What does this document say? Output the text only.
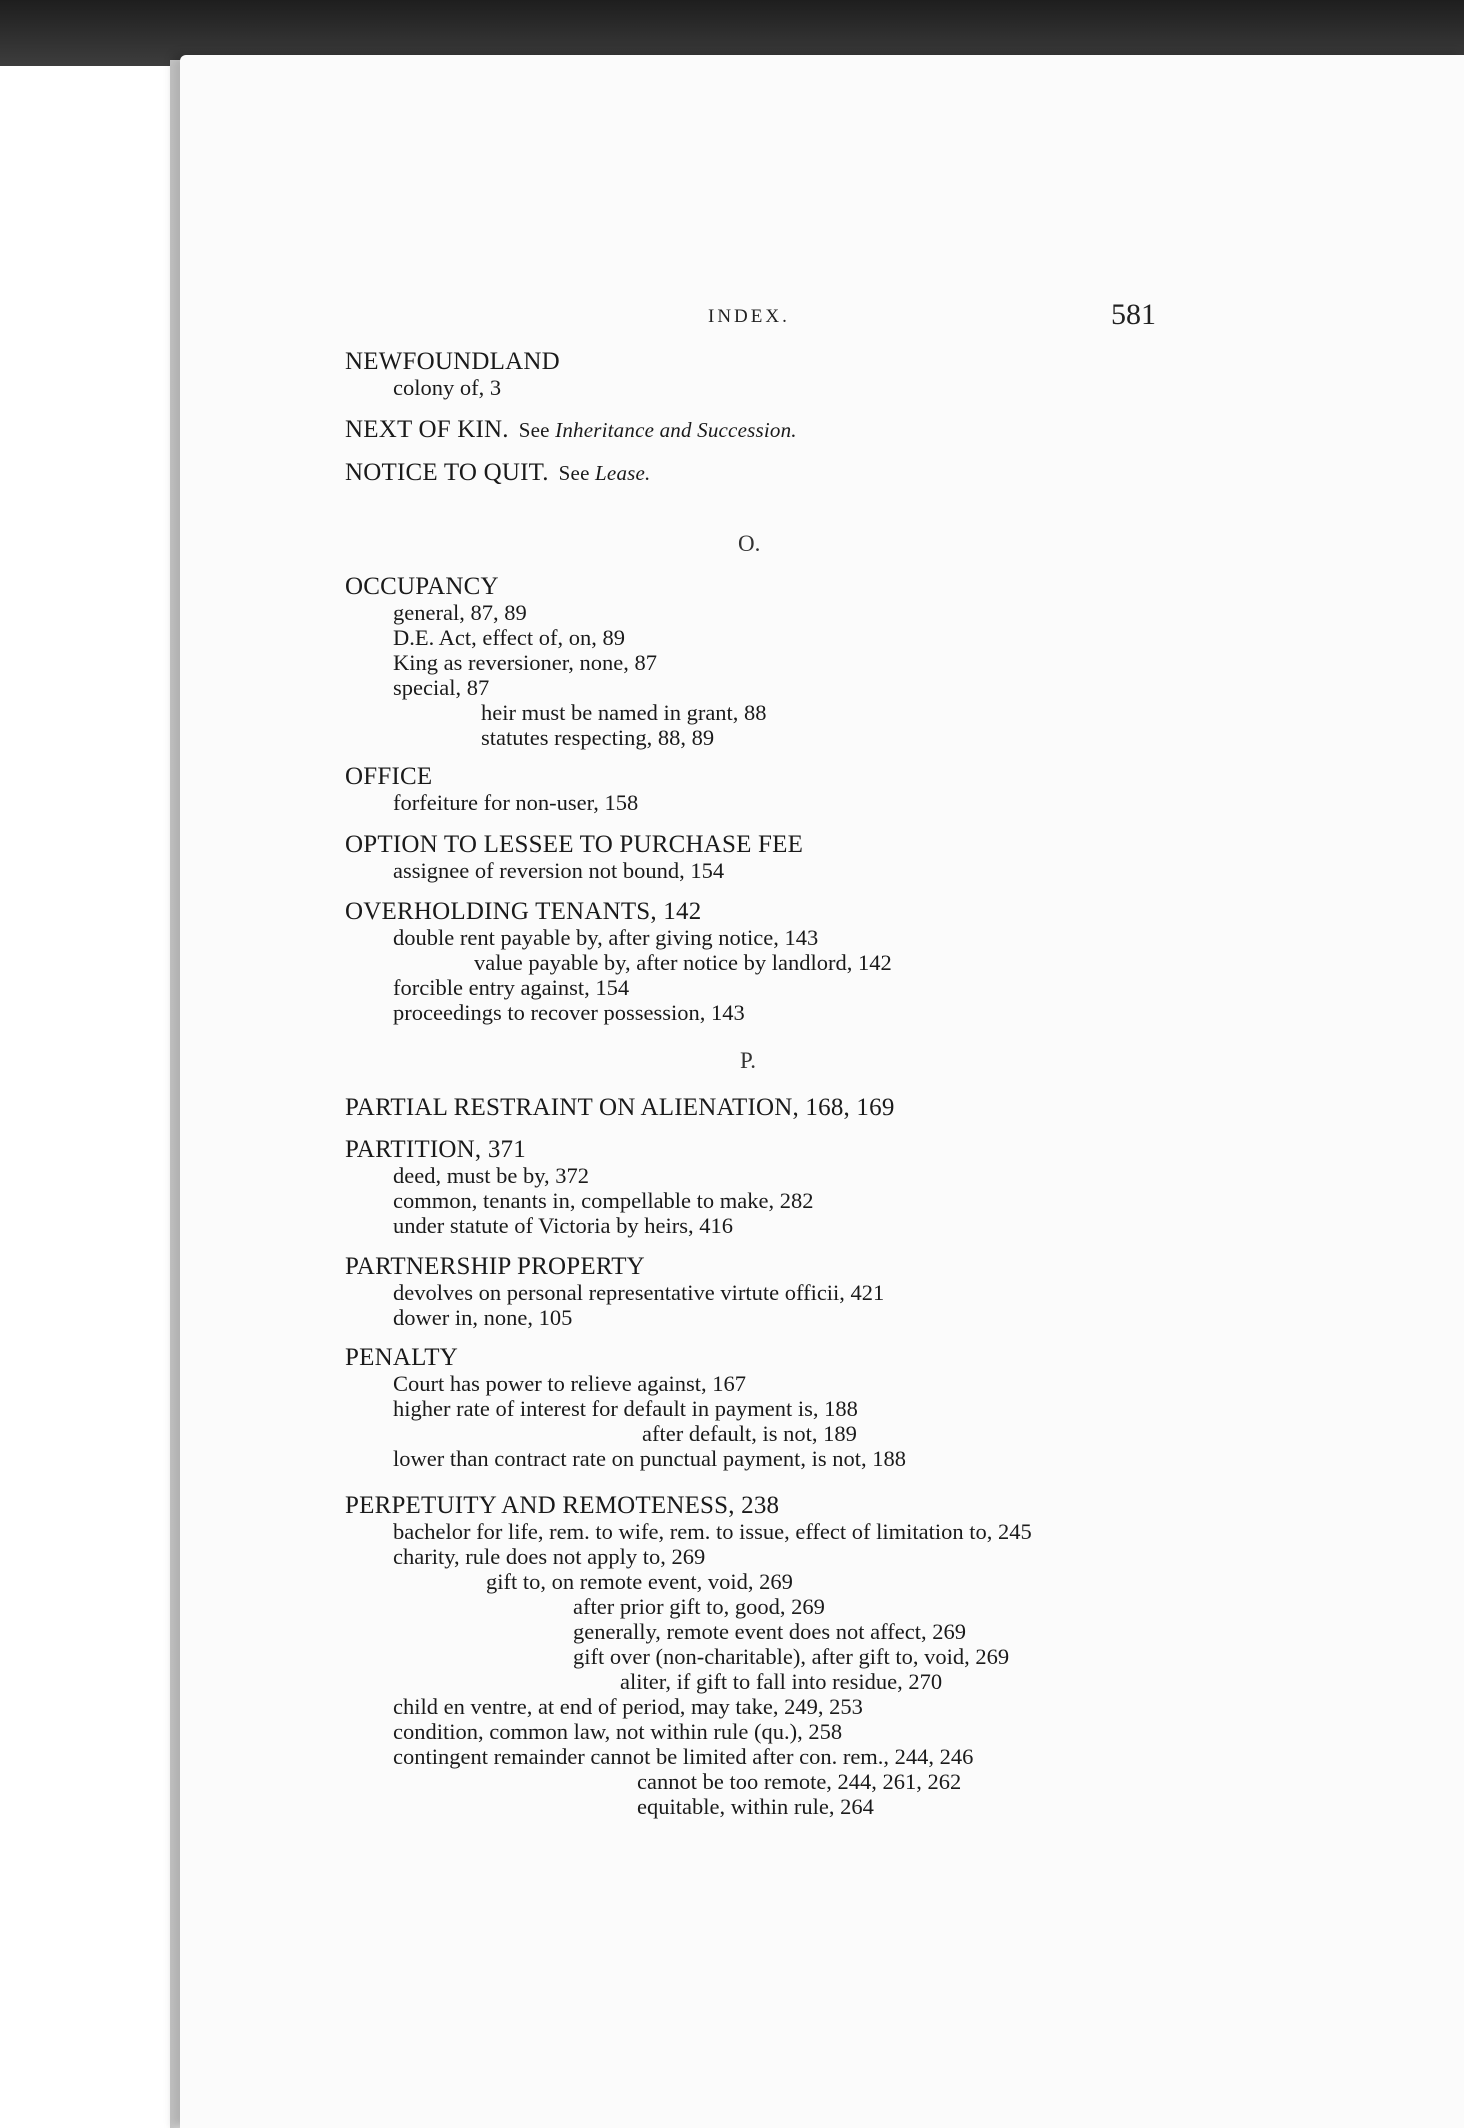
INDEX.	581
NEWFOUNDLAND
colony of, 3
NEXT OF KIN. See Inheritance and Succession.
NOTICE TO QUIT. See Lease.
O.
OCCUPANCY
general, 87, 89
D.E. Act, effect of, on, 89
King as reversioner, none, 87
special, 87
heir must be named in grant, 88
statutes respecting, 88, 89
OFFICE
forfeiture for non-user, 158
OPTION TO LESSEE TO PURCHASE FEE
assignee of reversion not bound, 154
OVERHOLDING TENANTS, 142
double rent payable by, after giving notice, 143
value payable by, after notice by landlord, 142
forcible entry against, 154
proceedings to recover possession, 143
P.
PARTIAL RESTRAINT ON ALIENATION, 168, 169
PARTITION, 371
deed, must be by, 372
common, tenants in, compellable to make, 282
under statute of Victoria by heirs, 416
PARTNERSHIP PROPERTY
devolves on personal representative virtute officii, 421
dower in, none, 105
PENALTY
Court has power to relieve against, 167
higher rate of interest for default in payment is, 188
after default, is not, 189
lower than contract rate on punctual payment, is not, 188
PERPETUITY AND REMOTENESS, 238
bachelor for life, rem. to wife, rem. to issue, effect of limitation to, 245
charity, rule does not apply to, 269
gift to, on remote event, void, 269
after prior gift to, good, 269
generally, remote event does not affect, 269
gift over (non-charitable), after gift to, void, 269
aliter, if gift to fall into residue, 270
child en ventre, at end of period, may take, 249, 253
condition, common law, not within rule (qu.), 258
contingent remainder cannot be limited after con. rem., 244, 246
cannot be too remote, 244, 261, 262
equitable, within rule, 264
